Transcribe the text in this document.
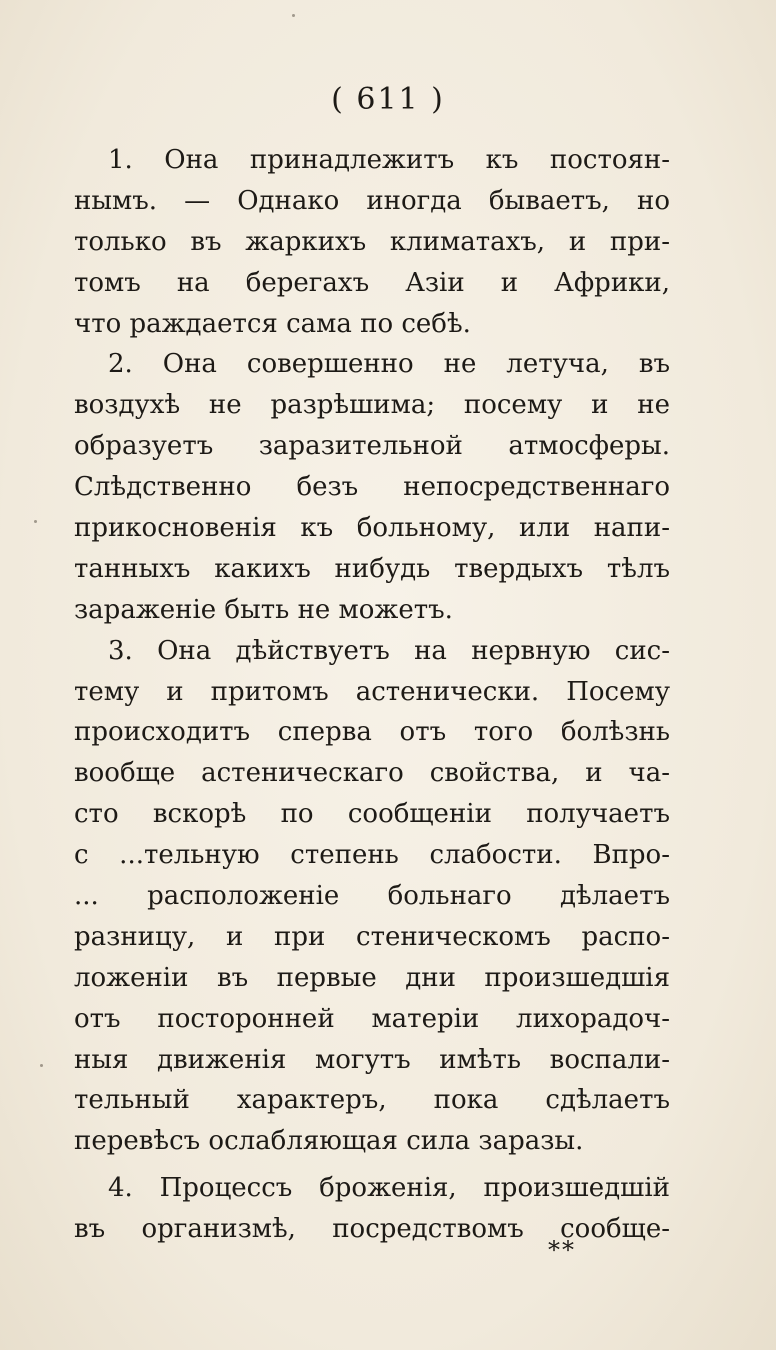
( 611 )
1. Она принадлежитъ къ постоян-
нымъ. — Однако иногда бываетъ, но
только въ жаркихъ климатахъ, и при-
томъ на берегахъ Азіи и Африки,
что раждается сама по себѣ.
2. Она совершенно не летуча, въ
воздухѣ не разрѣшима; посему и не
образуетъ заразительной атмосферы.
Слѣдственно безъ непосредственнаго
прикосновенія къ больному, или напи-
танныхъ какихъ нибудь твердыхъ тѣлъ
зараженіе быть не можетъ.
3. Она дѣйствуетъ на нервную сис-
тему и притомъ астенически. Посему
происходитъ сперва отъ того болѣзнь
вообще астеническаго свойства, и ча-
сто вскорѣ по сообщеніи получаетъ
с ...тельную степень слабости. Впро-
... расположеніе больнаго дѣлаетъ
разницу, и при стеническомъ распо-
ложеніи въ первые дни произшедшія
отъ посторонней матеріи лихорадоч-
ныя движенія могутъ имѣть воспали-
тельный характеръ, пока сдѣлаетъ
перевѣсъ ослабляющая сила заразы.
4. Процессъ броженія, произшедшій
въ организмѣ, посредствомъ сообще-
**
